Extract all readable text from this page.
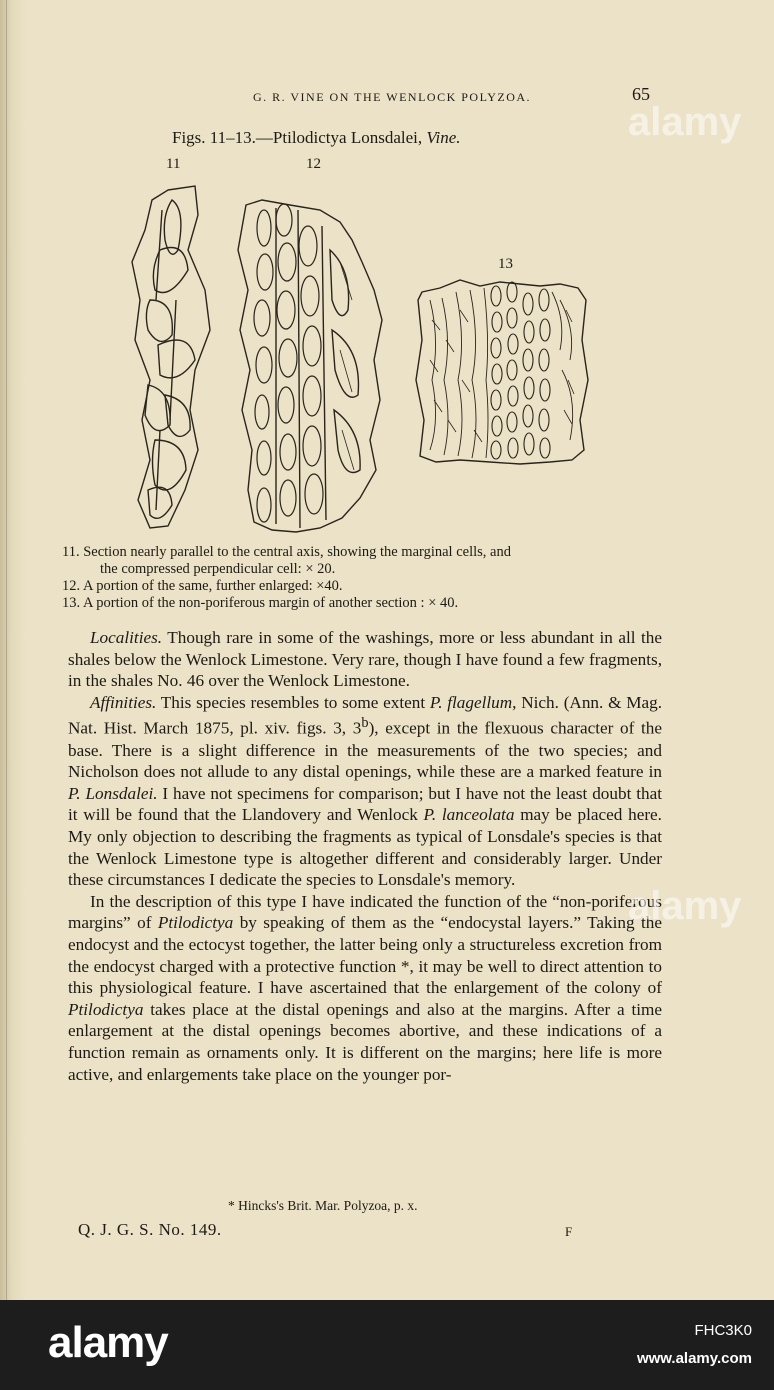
G. R. VINE ON THE WENLOCK POLYZOA.	65
Figs. 11–13.—Ptilodictya Lonsdalei, Vine.
11	12
13
11. Section nearly parallel to the central axis, showing the marginal cells, and
the compressed perpendicular cell: × 20.
12. A portion of the same, further enlarged: ×40.
13. A portion of the non-poriferous margin of another section : × 40.

Localities. Though rare in some of the washings, more or less abundant in all the shales below the Wenlock Limestone. Very rare, though I have found a few fragments, in the shales No. 46 over the Wenlock Limestone.

Affinities. This species resembles to some extent P. flagellum, Nich. (Ann. & Mag. Nat. Hist. March 1875, pl. xiv. figs. 3, 3$^b$), except in the flexuous character of the base. There is a slight difference in the measurements of the two species; and Nicholson does not allude to any distal openings, while these are a marked feature in P. Lonsdalei. I have not specimens for comparison; but I have not the least doubt that it will be found that the Llandovery and Wenlock P. lanceolata may be placed here. My only objection to describing the fragments as typical of Lonsdale's species is that the Wenlock Limestone type is altogether different and considerably larger. Under these circumstances I dedicate the species to Lonsdale's memory.

In the description of this type I have indicated the function of the “non-poriferous margins” of Ptilodictya by speaking of them as the “endocystal layers.” Taking the endocyst and the ectocyst together, the latter being only a structureless excretion from the endocyst charged with a protective function *, it may be well to direct attention to this physiological feature. I have ascertained that the enlargement of the colony of Ptilodictya takes place at the distal openings and also at the margins. After a time enlargement at the distal openings becomes abortive, and these indications of a function remain as ornaments only. It is different on the margins; here life is more active, and enlargements take place on the younger por-

* Hincks's Brit. Mar. Polyzoa, p. x.
Q. J. G. S. No. 149.	F
alamy
alamy
alamy	FHC3K0
www.alamy.com
